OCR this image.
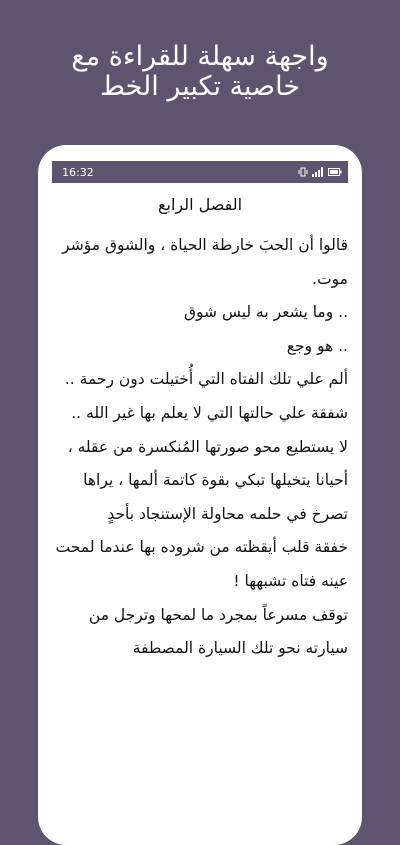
واجهة سهلة للقراءة مع
خاصية تكبير الخط
16:32
الفصل الرابع

قالوا أن الحبَ خارطة الحياة ، والشوق مؤشر موت.

.. وما يشعر به ليس شوق

.. هو وجع

ألم علي تلك الفتاه التي أُختيلت دون رحمة ..

شفقة علي حالتها التي لا يعلم بها غير الله ..

لا يستطيع محو صورتها المُنكسرة من عقله ، أحيانا يتخيلها تبكي بقوة كاتمة ألمها ، يراها تصرخ في حلمه محاولة الإستنجاد بأحدٍ

خفقة قلب أيقظته من شروده بها عندما لمحت عينه فتاه تشبهها !

توقف مسرعاً بمجرد ما لمحها وترجل من سيارته نحو تلك السيارة المصطفة
